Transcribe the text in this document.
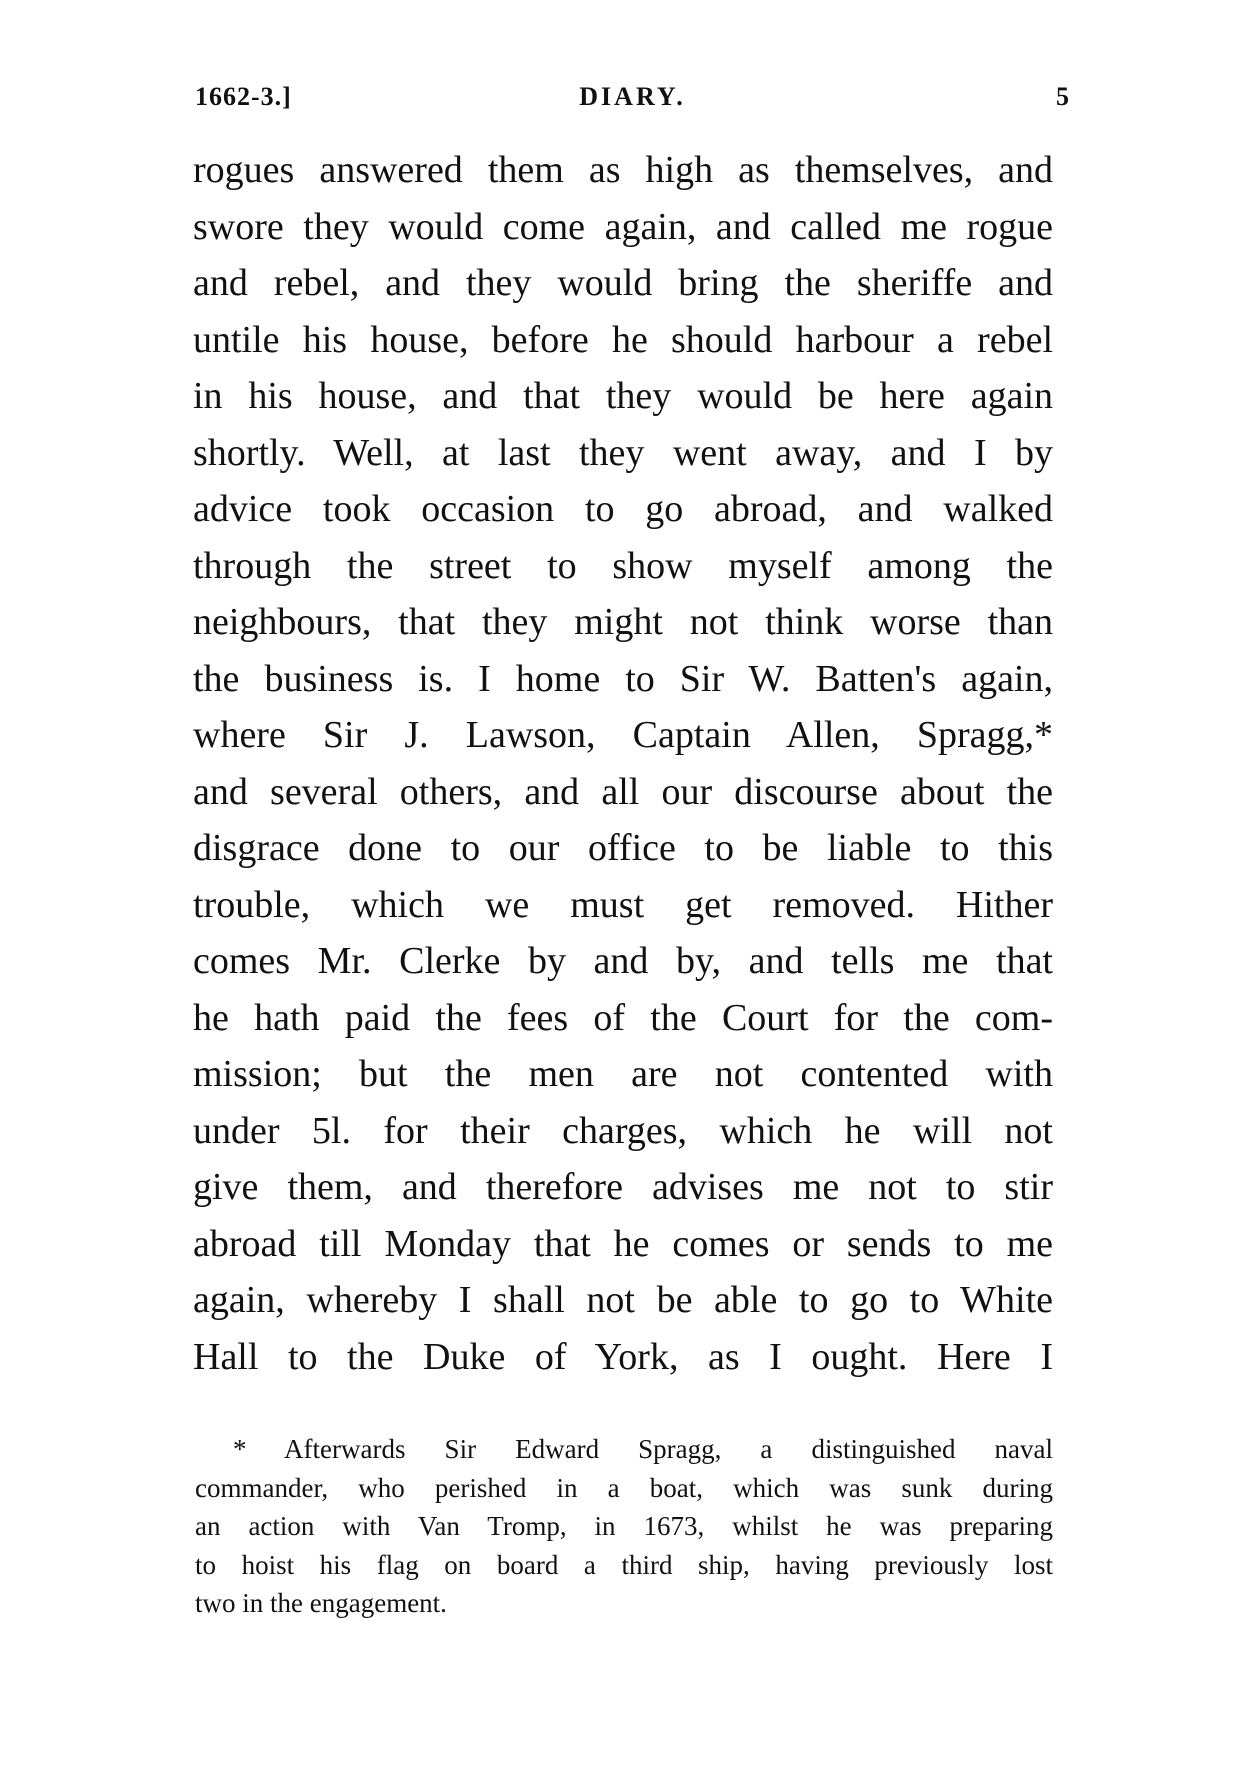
1662-3.]	DIARY.	5
rogues answered them as high as themselves, and
swore they would come again, and called me rogue
and rebel, and they would bring the sheriffe and
untile his house, before he should harbour a rebel
in his house, and that they would be here again
shortly. Well, at last they went away, and I by
advice took occasion to go abroad, and walked
through the street to show myself among the
neighbours, that they might not think worse than
the business is. I home to Sir W. Batten's again,
where Sir J. Lawson, Captain Allen, Spragg,*
and several others, and all our discourse about the
disgrace done to our office to be liable to this
trouble, which we must get removed. Hither
comes Mr. Clerke by and by, and tells me that
he hath paid the fees of the Court for the com-
mission; but the men are not contented with
under 5l. for their charges, which he will not
give them, and therefore advises me not to stir
abroad till Monday that he comes or sends to me
again, whereby I shall not be able to go to White
Hall to the Duke of York, as I ought. Here I
* Afterwards Sir Edward Spragg, a distinguished naval
commander, who perished in a boat, which was sunk during
an action with Van Tromp, in 1673, whilst he was preparing
to hoist his flag on board a third ship, having previously lost
two in the engagement.
